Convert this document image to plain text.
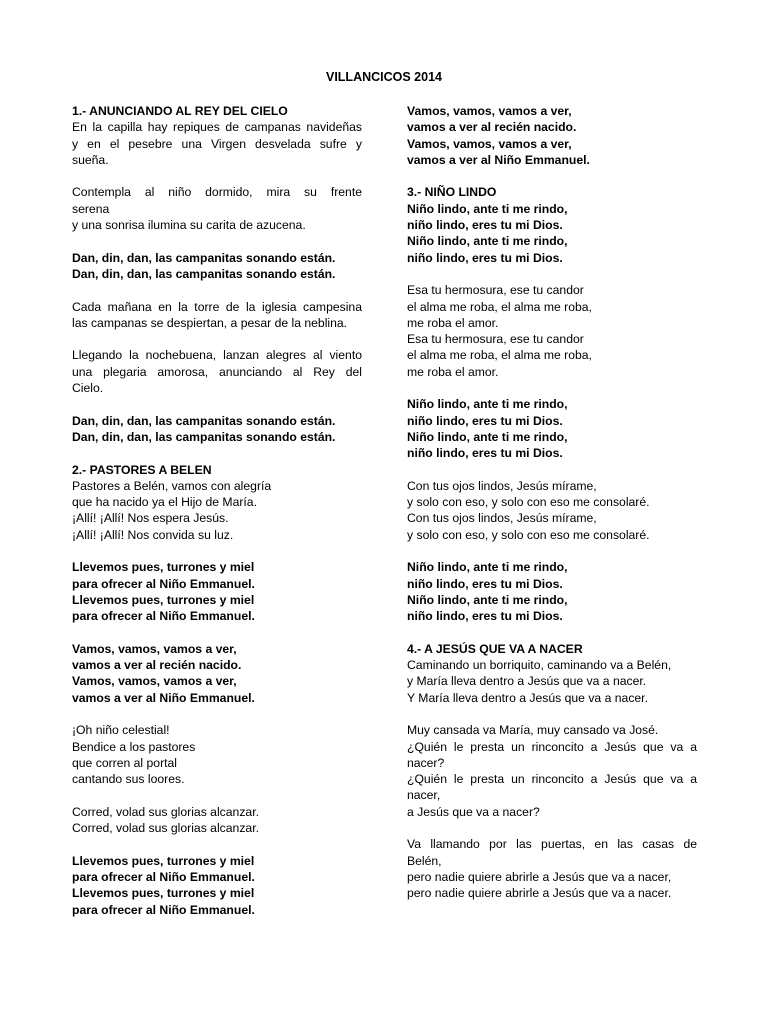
VILLANCICOS 2014
1.- ANUNCIANDO AL REY DEL CIELO
En la capilla hay repiques de campanas navideñas
y en el pesebre una Virgen desvelada sufre y
sueña.
Contempla al niño dormido, mira su frente
serena
y una sonrisa ilumina su carita de azucena.
Dan, din, dan, las campanitas sonando están.
Dan, din, dan, las campanitas sonando están.
Cada mañana en la torre de la iglesia campesina
las campanas se despiertan, a pesar de la neblina.
Llegando la nochebuena, lanzan alegres al viento
una plegaria amorosa, anunciando al Rey del
Cielo.
Dan, din, dan, las campanitas sonando están.
Dan, din, dan, las campanitas sonando están.
2.- PASTORES A BELEN
Pastores a Belén, vamos con alegría
que ha nacido ya el Hijo de María.
¡Allí! ¡Allí! Nos espera Jesús.
¡Allí! ¡Allí! Nos convida su luz.
Llevemos pues, turrones y miel
para ofrecer al Niño Emmanuel.
Llevemos pues, turrones y miel
para ofrecer al Niño Emmanuel.
Vamos, vamos, vamos a ver,
vamos a ver al recién nacido.
Vamos, vamos, vamos a ver,
vamos a ver al Niño Emmanuel.
¡Oh niño celestial!
Bendice a los pastores
que corren al portal
cantando sus loores.
Corred, volad sus glorias alcanzar.
Corred, volad sus glorias alcanzar.
Llevemos pues, turrones y miel
para ofrecer al Niño Emmanuel.
Llevemos pues, turrones y miel
para ofrecer al Niño Emmanuel.
Vamos, vamos, vamos a ver,
vamos a ver al recién nacido.
Vamos, vamos, vamos a ver,
vamos a ver al Niño Emmanuel.
3.- NIÑO LINDO
Niño lindo, ante ti me rindo,
niño lindo, eres tu mi Dios.
Niño lindo, ante ti me rindo,
niño lindo, eres tu mi Dios.
Esa tu hermosura, ese tu candor
el alma me roba, el alma me roba,
me roba el amor.
Esa tu hermosura, ese tu candor
el alma me roba, el alma me roba,
me roba el amor.
Niño lindo, ante ti me rindo,
niño lindo, eres tu mi Dios.
Niño lindo, ante ti me rindo,
niño lindo, eres tu mi Dios.
Con tus ojos lindos, Jesús mírame,
y solo con eso, y solo con eso me consolaré.
Con tus ojos lindos, Jesús mírame,
y solo con eso, y solo con eso me consolaré.
Niño lindo, ante ti me rindo,
niño lindo, eres tu mi Dios.
Niño lindo, ante ti me rindo,
niño lindo, eres tu mi Dios.
4.- A JESÚS QUE VA A NACER
Caminando un borriquito, caminando va a Belén,
y María lleva dentro a Jesús que va a nacer.
Y María lleva dentro a Jesús que va a nacer.
Muy cansada va María, muy cansado va José.
¿Quién le presta un rinconcito a Jesús que va a
nacer?
¿Quién le presta un rinconcito a Jesús que va a
nacer,
a Jesús que va a nacer?
Va llamando por las puertas, en las casas de
Belén,
pero nadie quiere abrirle a Jesús que va a nacer,
pero nadie quiere abrirle a Jesús que va a nacer.
